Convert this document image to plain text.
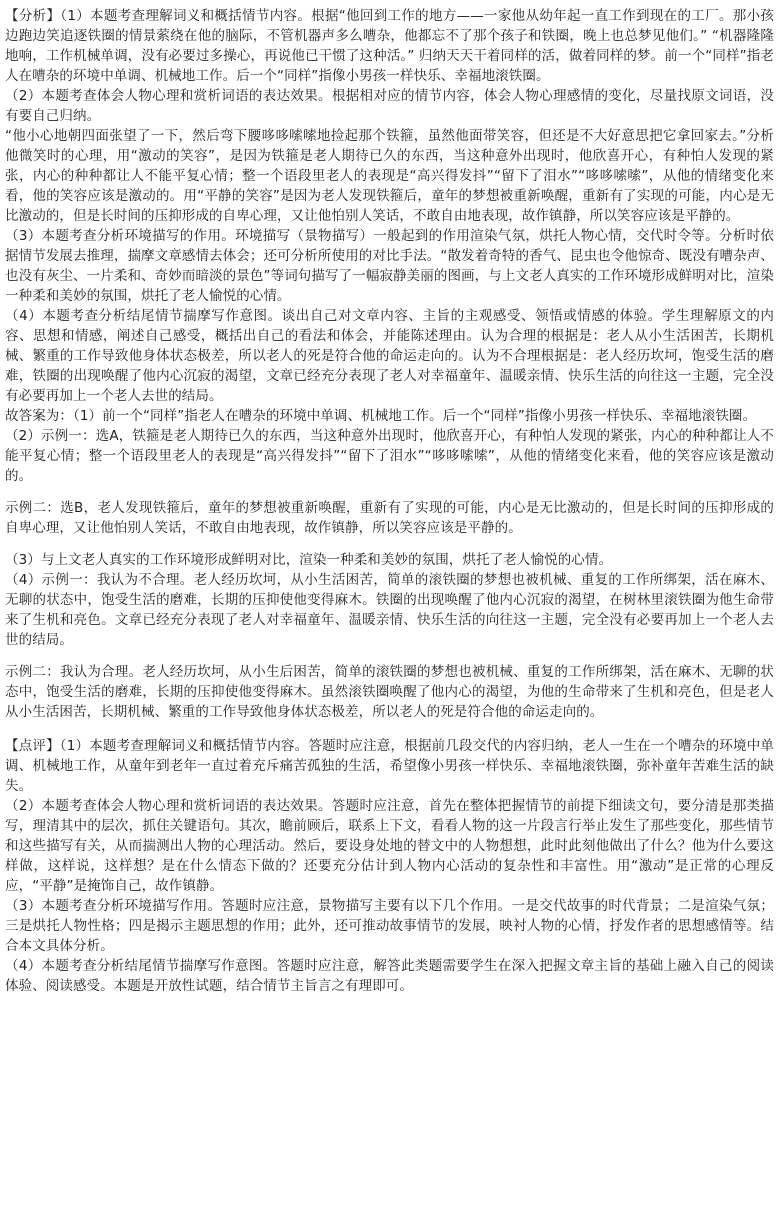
【分析】（1）本题考查理解词义和概括情节内容。根据“他回到工作的地方——一家他从幼年起一直工作到现在的工厂。那小孩边跑边笑追逐铁圈的情景萦绕在他的脑际，不管机器声多么嘈杂，他都忘不了那个孩子和铁圈，晚上也总梦见他们。” “机器隆隆地响，工作机械单调，没有必要过多操心，再说他已干惯了这种活。” 归纳天天干着同样的活，做着同样的梦。前一个“同样”指老人在嘈杂的环境中单调、机械地工作。后一个“同样”指像小男孩一样快乐、幸福地滚铁圈。

（2）本题考查体会人物心理和赏析词语的表达效果。根据相对应的情节内容，体会人物心理感情的变化，尽量找原文词语，没有要自己归纳。

“他小心地朝四面张望了一下，然后弯下腰哆哆嗦嗦地捡起那个铁箍，虽然他面带笑容，但还是不大好意思把它拿回家去。”分析他微笑时的心理，用“激动的笑容”，是因为铁箍是老人期待已久的东西，当这种意外出现时，他欣喜开心，有种怕人发现的紧张，内心的种种都让人不能平复心情；整一个语段里老人的表现是“高兴得发抖”“留下了泪水”“哆哆嗦嗦”，从他的情绪变化来看，他的笑容应该是激动的。用“平静的笑容”是因为老人发现铁箍后，童年的梦想被重新唤醒，重新有了实现的可能，内心是无比激动的，但是长时间的压抑形成的自卑心理，又让他怕别人笑话，不敢自由地表现，故作镇静，所以笑容应该是平静的。

（3）本题考查分析环境描写的作用。环境描写（景物描写）一般起到的作用渲染气氛，烘托人物心情，交代时令等。分析时依据情节发展去推理，揣摩文章感情去体会；还可分析所使用的对比手法。“散发着奇特的香气、昆虫也令他惊奇、既没有嘈杂声、也没有灰尘、一片柔和、奇妙而暗淡的景色”等词句描写了一幅寂静美丽的图画，与上文老人真实的工作环境形成鲜明对比，渲染一种柔和美妙的氛围，烘托了老人愉悦的心情。

（4）本题考查分析结尾情节揣摩写作意图。谈出自己对文章内容、主旨的主观感受、领悟或情感的体验。学生理解原文的内容、思想和情感，阐述自己感受，概括出自己的看法和体会，并能陈述理由。认为合理的根据是：老人从小生活困苦，长期机械、繁重的工作导致他身体状态极差，所以老人的死是符合他的命运走向的。认为不合理根据是：老人经历坎坷，饱受生活的磨难，铁圈的出现唤醒了他内心沉寂的渴望，文章已经充分表现了老人对幸福童年、温暖亲情、快乐生活的向往这一主题，完全没有必要再加上一个老人去世的结局。

故答案为：（1）前一个“同样”指老人在嘈杂的环境中单调、机械地工作。后一个“同样”指像小男孩一样快乐、幸福地滚铁圈。

（2）示例一：选A，铁箍是老人期待已久的东西，当这种意外出现时，他欣喜开心，有种怕人发现的紧张，内心的种种都让人不能平复心情；整一个语段里老人的表现是“高兴得发抖”“留下了泪水”“哆哆嗦嗦”，从他的情绪变化来看，他的笑容应该是激动的。

示例二：选B，老人发现铁箍后，童年的梦想被重新唤醒，重新有了实现的可能，内心是无比激动的，但是长时间的压抑形成的自卑心理，又让他怕别人笑话，不敢自由地表现，故作镇静，所以笑容应该是平静的。

（3）与上文老人真实的工作环境形成鲜明对比，渲染一种柔和美妙的氛围，烘托了老人愉悦的心情。

（4）示例一：我认为不合理。老人经历坎坷，从小生活困苦，简单的滚铁圈的梦想也被机械、重复的工作所绑架，活在麻木、无聊的状态中，饱受生活的磨难，长期的压抑使他变得麻木。铁圈的出现唤醒了他内心沉寂的渴望，在树林里滚铁圈为他生命带来了生机和亮色。文章已经充分表现了老人对幸福童年、温暖亲情、快乐生活的向往这一主题，完全没有必要再加上一个老人去世的结局。

示例二：我认为合理。老人经历坎坷，从小生后困苦，简单的滚铁圈的梦想也被机械、重复的工作所绑架，活在麻木、无聊的状态中，饱受生活的磨难，长期的压抑使他变得麻木。虽然滚铁圈唤醒了他内心的渴望，为他的生命带来了生机和亮色，但是老人从小生活困苦，长期机械、繁重的工作导致他身体状态极差，所以老人的死是符合他的命运走向的。

【点评】（1）本题考查理解词义和概括情节内容。答题时应注意，根据前几段交代的内容归纳，老人一生在一个嘈杂的环境中单调、机械地工作，从童年到老年一直过着充斥痛苦孤独的生活，希望像小男孩一样快乐、幸福地滚铁圈，弥补童年苦难生活的缺失。

（2）本题考查体会人物心理和赏析词语的表达效果。答题时应注意，首先在整体把握情节的前提下细读文句，要分清是那类描写，理清其中的层次，抓住关键语句。其次，瞻前顾后，联系上下文，看看人物的这一片段言行举止发生了那些变化，那些情节和这些描写有关，从而揣测出人物的心理活动。然后，要设身处地的替文中的人物想想，此时此刻他做出了什么？他为什么要这样做，这样说，这样想？是在什么情态下做的？还要充分估计到人物内心活动的复杂性和丰富性。用“激动”是正常的心理反应，“平静”是掩饰自己，故作镇静。

（3）本题考查分析环境描写作用。答题时应注意，景物描写主要有以下几个作用。一是交代故事的时代背景；二是渲染气氛；三是烘托人物性格；四是揭示主题思想的作用；此外，还可推动故事情节的发展，映衬人物的心情，抒发作者的思想感情等。结合本文具体分析。

（4）本题考查分析结尾情节揣摩写作意图。答题时应注意，解答此类题需要学生在深入把握文章主旨的基础上融入自己的阅读体验、阅读感受。本题是开放性试题，结合情节主旨言之有理即可。
